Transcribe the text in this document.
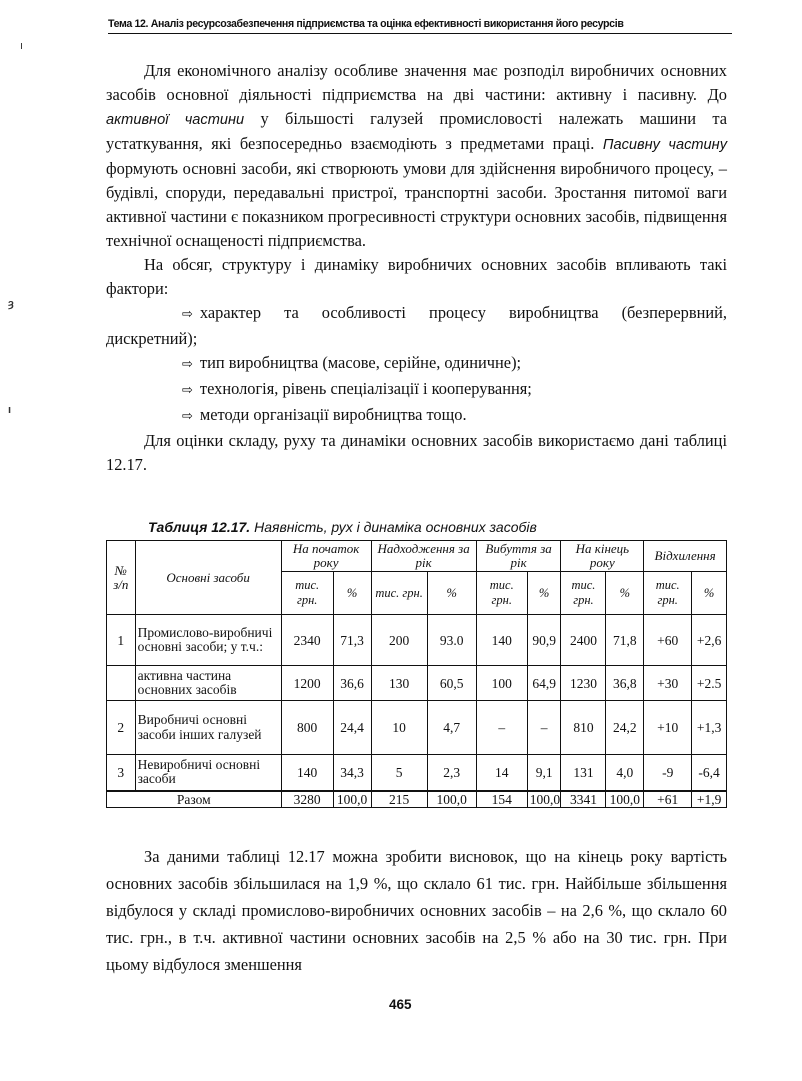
Тема 12. Аналіз ресурсозабезпечення підприємства та оцінка ефективності використання його ресурсів
ı
ȝ
ı

Для економічного аналізу особливе значення має розподіл виробничих основних засобів основної діяльності підприємства на дві частини: активну і пасивну. До активної частини у більшості галузей промисловості належать машини та устаткування, які безпосередньо взаємодіють з предметами праці. Пасивну частину формують основні засоби, які створюють умови для здійснення виробничого процесу, – будівлі, споруди, передавальні пристрої, транспортні засоби. Зростання питомої ваги активної частини є показником прогресивності структури основних засобів, підвищення технічної оснащеності підприємства.

На обсяг, структуру і динаміку виробничих основних засобів впливають такі фактори:

⇨ характер та особливості процесу виробництва (безперервний, дискретний);

⇨ тип виробництва (масове, серійне, одиничне);

⇨ технологія, рівень спеціалізації і кооперування;

⇨ методи організації виробництва тощо.

Для оцінки складу, руху та динаміки основних засобів використаємо дані таблиці 12.17.

Таблиця 12.17. Наявність, рух і динаміка основних засобів
№ з/п	Основні засоби	На початок року		Надходження за рік		Вибуття за рік		На кінець року		Відхилення	
		тис. грн.	%	тис. грн.	%	тис. грн.	%	тис. грн.	%	тис. грн.	%
1	Промислово-виробничі основні засоби; у т.ч.:	2340	71,3	200	93.0	140	90,9	2400	71,8	+60	+2,6
	активна частина основних засобів	1200	36,6	130	60,5	100	64,9	1230	36,8	+30	+2.5
2	Виробничі основні засоби інших галузей	800	24,4	10	4,7	–	–	810	24,2	+10	+1,3
3	Невиробничі основні засоби	140	34,3	5	2,3	14	9,1	131	4,0	-9	-6,4
Разом		3280	100,0	215	100,0	154	100,0	3341	100,0	+61	+1,9

За даними таблиці 12.17 можна зробити висновок, що на кінець року вартість основних засобів збільшилася на 1,9 %, що склало 61 тис. грн. Найбільше збільшення відбулося у складі промислово-виробничих основних засобів – на 2,6 %, що склало 60 тис. грн., в т.ч. активної частини основних засобів на 2,5 % або на 30 тис. грн. При цьому відбулося зменшення

465
